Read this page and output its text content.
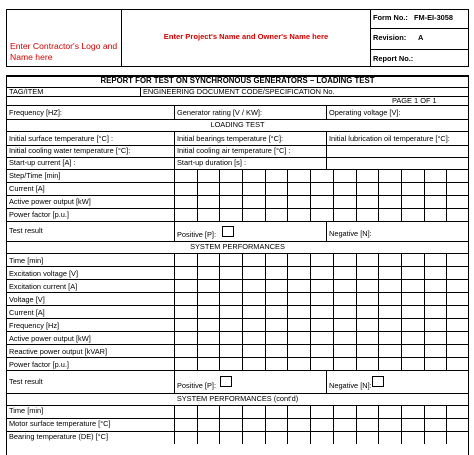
Enter Contractor's Logo and Name here
Enter Project's Name and Owner's Name here
Form No.: FM-EI-3058
Revision: A
Report No.:
REPORT FOR TEST ON SYNCHRONOUS GENERATORS – LOADING TEST
TAG/ITEM	ENGINEERING DOCUMENT CODE/SPECIFICATION No.
PAGE 1 OF 1
Frequency [HZ]:	Generator rating [V / KW]:	Operating voltage [V]:
LOADING TEST
Initial surface temperature [°C] :	Initial bearings temperature [°C]:	Initial lubrication oil temperature [°C]:
Initial cooling water temperature [°C]:	Initial cooling air temperature [°C] :
Start-up current [A] :	Start-up duration [s] :
Step/Time [min]
Current [A]
Active power output [kW]
Power factor [p.u.]
Test result	Positive [P]:	Negative [N]:
SYSTEM PERFORMANCES
Time [min]
Excitation voltage [V]
Excitation current [A]
Voltage [V]
Current [A]
Frequency [Hz]
Active power output [kW]
Reactive power output [kVAR]
Power factor [p.u.]
Test result	Positive [P]:	Negative [N]:
SYSTEM PERFORMANCES (cont'd)
Time [min]
Motor surface temperature [°C]
Bearing temperature (DE) [°C]
